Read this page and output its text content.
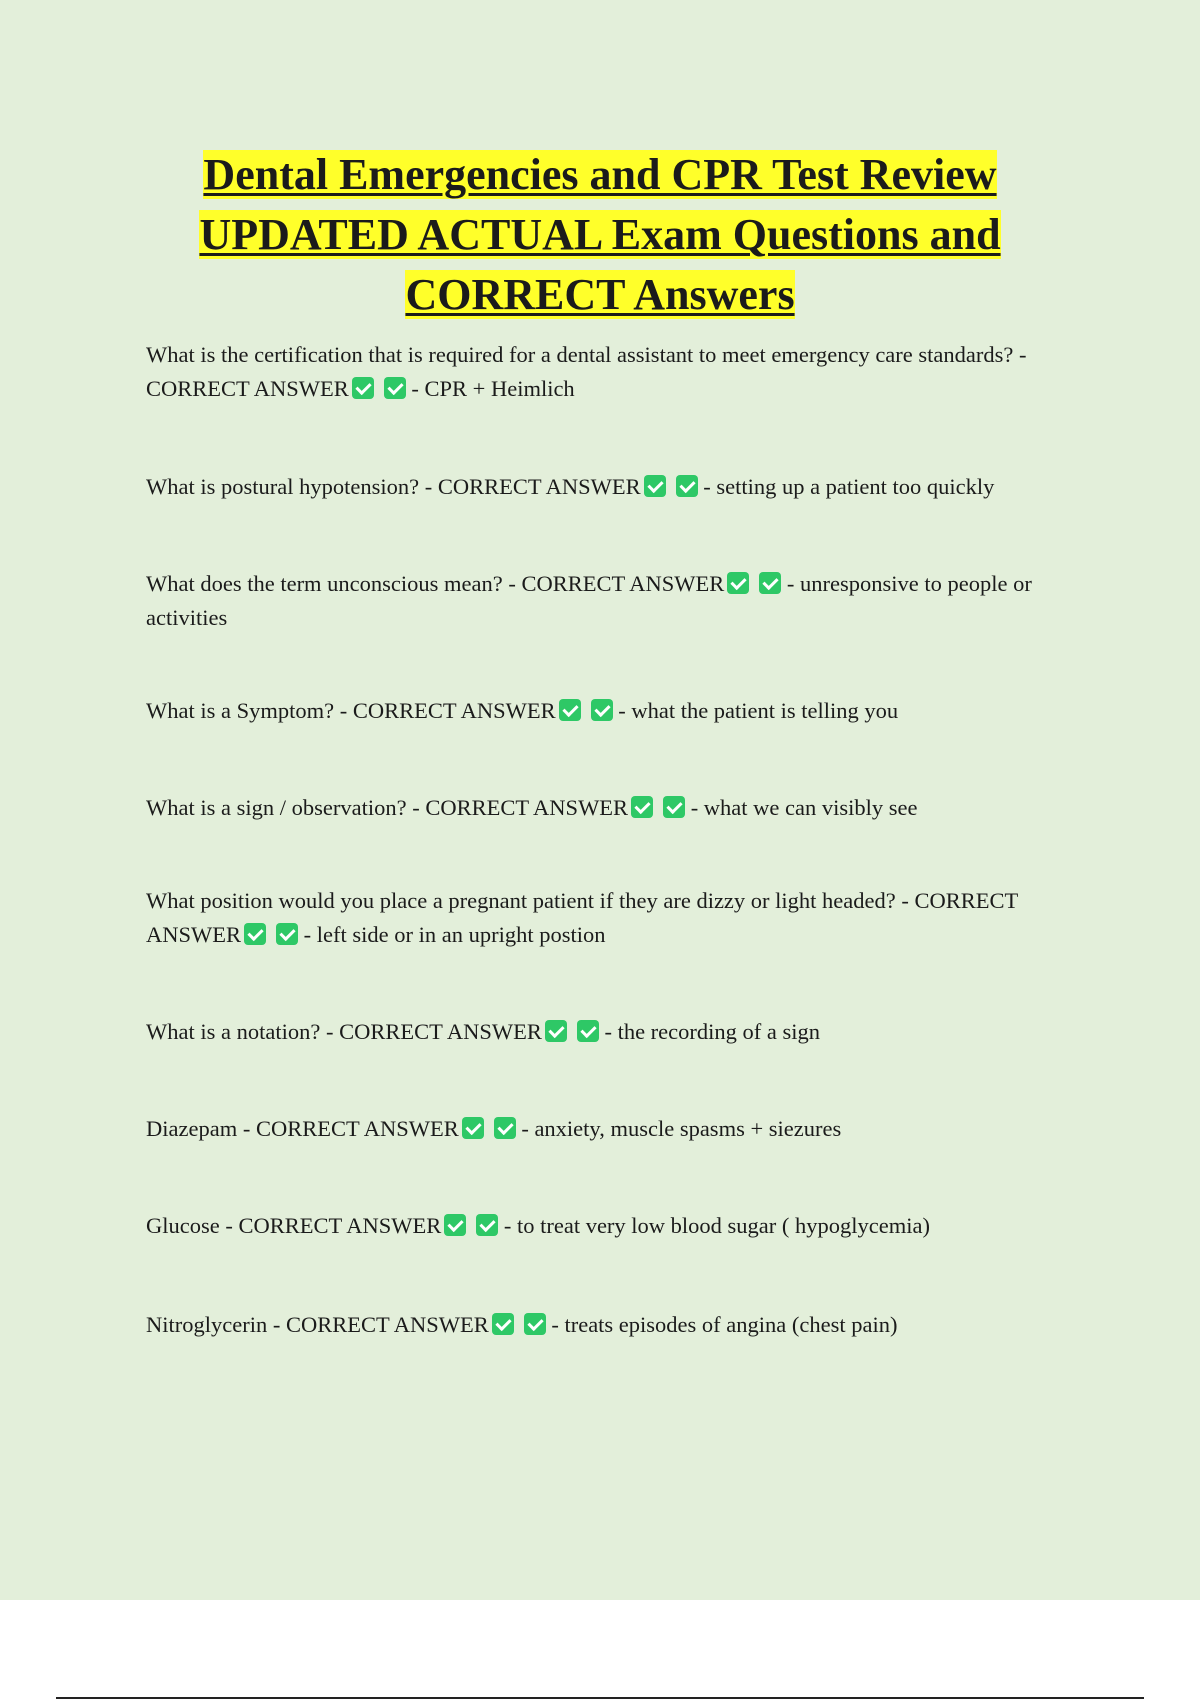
Dental Emergencies and CPR Test Review
UPDATED ACTUAL Exam Questions and
CORRECT Answers

What is the certification that is required for a dental assistant to meet emergency care standards? - CORRECT ANSWER	- CPR + Heimlich

What is postural hypotension? - CORRECT ANSWER	- setting up a patient too quickly

What does the term unconscious mean? - CORRECT ANSWER	- unresponsive to people or activities

What is a Symptom? - CORRECT ANSWER	- what the patient is telling you

What is a sign / observation? - CORRECT ANSWER	- what we can visibly see

What position would you place a pregnant patient if they are dizzy or light headed? - CORRECT ANSWER	- left side or in an upright postion

What is a notation? - CORRECT ANSWER	- the recording of a sign

Diazepam - CORRECT ANSWER	- anxiety, muscle spasms + siezures

Glucose - CORRECT ANSWER	- to treat very low blood sugar ( hypoglycemia)

Nitroglycerin - CORRECT ANSWER	- treats episodes of angina (chest pain)
